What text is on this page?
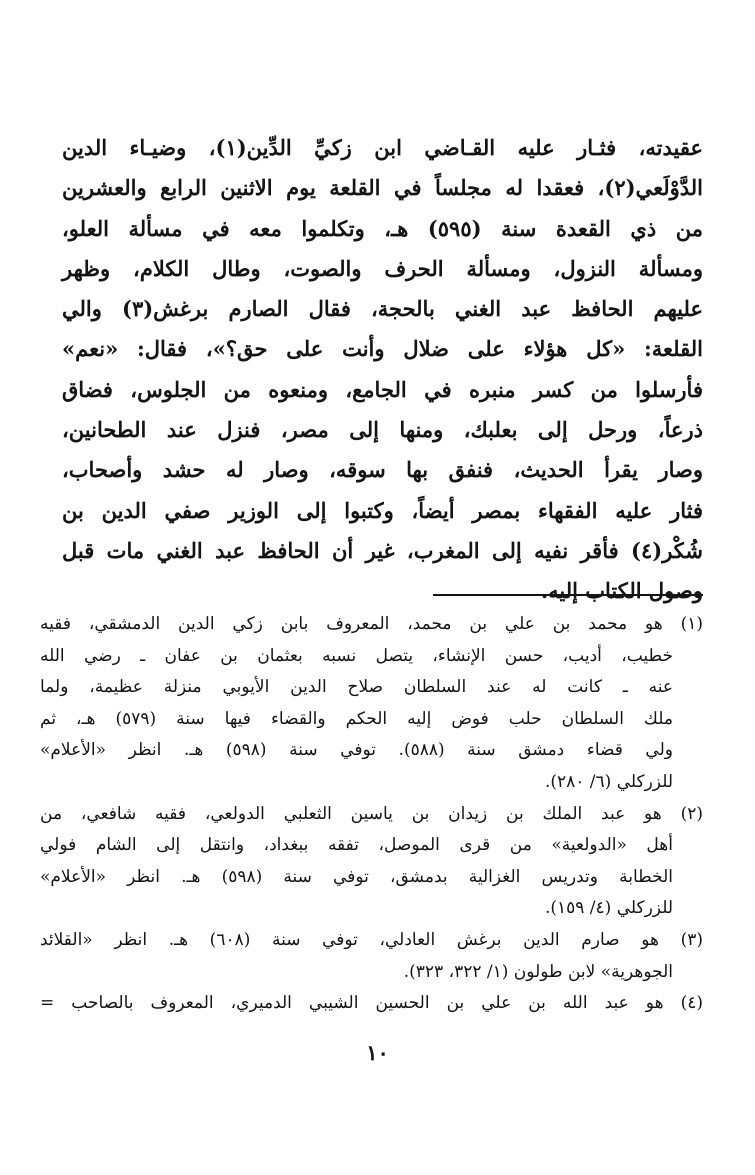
عقيدته، فثـار عليه القـاضي ابن زكيِّ الدِّين(١)، وضيـاء الدين
الدَّوْلَعي(٢)، فعقدا له مجلساً في القلعة يوم الاثنين الرابع والعشرين
من ذي القعدة سنة (٥٩٥) هـ، وتكلموا معه في مسألة العلو،
ومسألة النزول، ومسألة الحرف والصوت، وطال الكلام، وظهر
عليهم الحافظ عبد الغني بالحجة، فقال الصارم برغش(٣) والي
القلعة: «كل هؤلاء على ضلال وأنت على حق؟»، فقال: «نعم»
فأرسلوا من كسر منبره في الجامع، ومنعوه من الجلوس، فضاق
ذرعاً، ورحل إلى بعلبك، ومنها إلى مصر، فنزل عند الطحانين،
وصار يقرأ الحديث، فنفق بها سوقه، وصار له حشد وأصحاب،
فثار عليه الفقهاء بمصر أيضاً، وكتبوا إلى الوزير صفي الدين بن
شُكْر(٤) فأقر نفيه إلى المغرب، غير أن الحافظ عبد الغني مات قبل
وصول الكتاب إليه.
(١) هو محمد بن علي بن محمد، المعروف بابن زكي الدين الدمشقي، فقيه
خطيب، أديب، حسن الإنشاء، يتصل نسبه بعثمان بن عفان ـ رضي الله
عنه ـ كانت له عند السلطان صلاح الدين الأيوبي منزلة عظيمة، ولما
ملك السلطان حلب فوض إليه الحكم والقضاء فيها سنة (٥٧٩) هـ، ثم
ولي قضاء دمشق سنة (٥٨٨). توفي سنة (٥٩٨) هـ. انظر «الأعلام»
للزركلي (٦/ ٢٨٠).
(٢) هو عبد الملك بن زيدان بن ياسين الثعلبي الدولعي، فقيه شافعي، من
أهل «الدولعية» من قرى الموصل، تفقه ببغداد، وانتقل إلى الشام فولي
الخطابة وتدريس الغزالية بدمشق، توفي سنة (٥٩٨) هـ. انظر «الأعلام»
للزركلي (٤/ ١٥٩).
(٣) هو صارم الدين برغش العادلي، توفي سنة (٦٠٨) هـ. انظر «القلائد
الجوهرية» لابن طولون (١/ ٣٢٢، ٣٢٣).
(٤) هو عبد الله بن علي بن الحسين الشيبي الدميري، المعروف بالصاحب =
١٠
